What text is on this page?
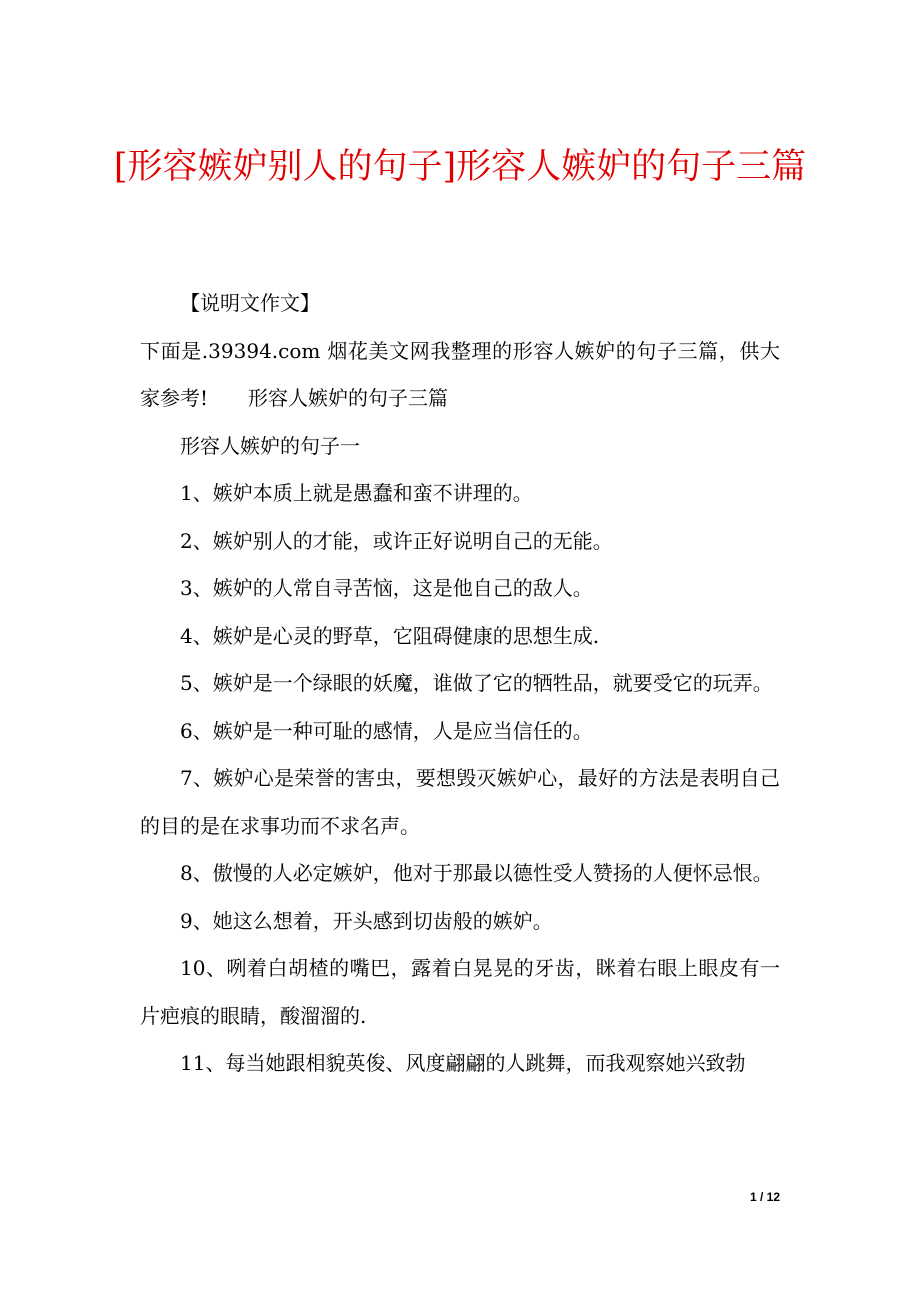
[形容嫉妒别人的句子]形容人嫉妒的句子三篇

【说明文作文】

下面是.39394.com 烟花美文网我整理的形容人嫉妒的句子三篇，供大家参考! 形容人嫉妒的句子三篇

形容人嫉妒的句子一

1、嫉妒本质上就是愚蠢和蛮不讲理的。

2、嫉妒别人的才能，或许正好说明自己的无能。

3、嫉妒的人常自寻苦恼，这是他自己的敌人。

4、嫉妒是心灵的野草，它阻碍健康的思想生成.

5、嫉妒是一个绿眼的妖魔，谁做了它的牺牲品，就要受它的玩弄。

6、嫉妒是一种可耻的感情，人是应当信任的。

7、嫉妒心是荣誉的害虫，要想毁灭嫉妒心，最好的方法是表明自己的目的是在求事功而不求名声。

8、傲慢的人必定嫉妒，他对于那最以德性受人赞扬的人便怀忌恨。

9、她这么想着，开头感到切齿般的嫉妒。

10、咧着白胡楂的嘴巴，露着白晃晃的牙齿，眯着右眼上眼皮有一片疤痕的眼睛，酸溜溜的.

11、每当她跟相貌英俊、风度翩翩的人跳舞，而我观察她兴致勃

1 / 12
